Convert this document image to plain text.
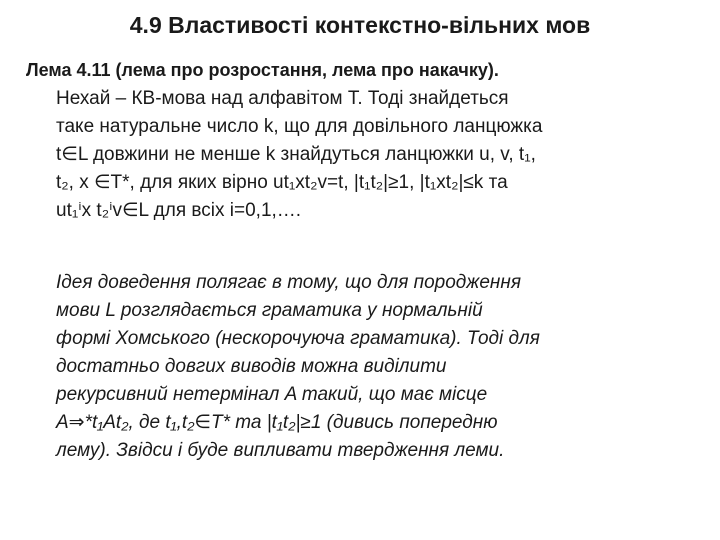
4.9 Властивості контекстно-вільних мов
Лема 4.11 (лема про розростання, лема про накачку).
Нехай – КВ-мова над алфавітом T. Тоді знайдеться
таке натуральне число k, що для довільного ланцюжка
t∈L довжини не менше k знайдуться ланцюжки u, v, t₁,
t₂, x ∈T*, для яких вірно ut₁xt₂v=t, |t₁t₂|≥1, |t₁xt₂|≤k та
ut₁ⁱx t₂ⁱv∈L для всіх i=0,1,….
Ідея доведення полягає в тому, що для породження
мови L розглядається граматика у нормальній
формі Хомського (нескорочуюча граматика). Тоді для
достатньо довгих виводів можна виділити
рекурсивний нетермінал A такий, що має місце
A⇒*t₁At₂, де t₁,t₂∈T* та |t₁t₂|≥1 (дивись попередню
лему). Звідси і буде випливати твердження леми.
